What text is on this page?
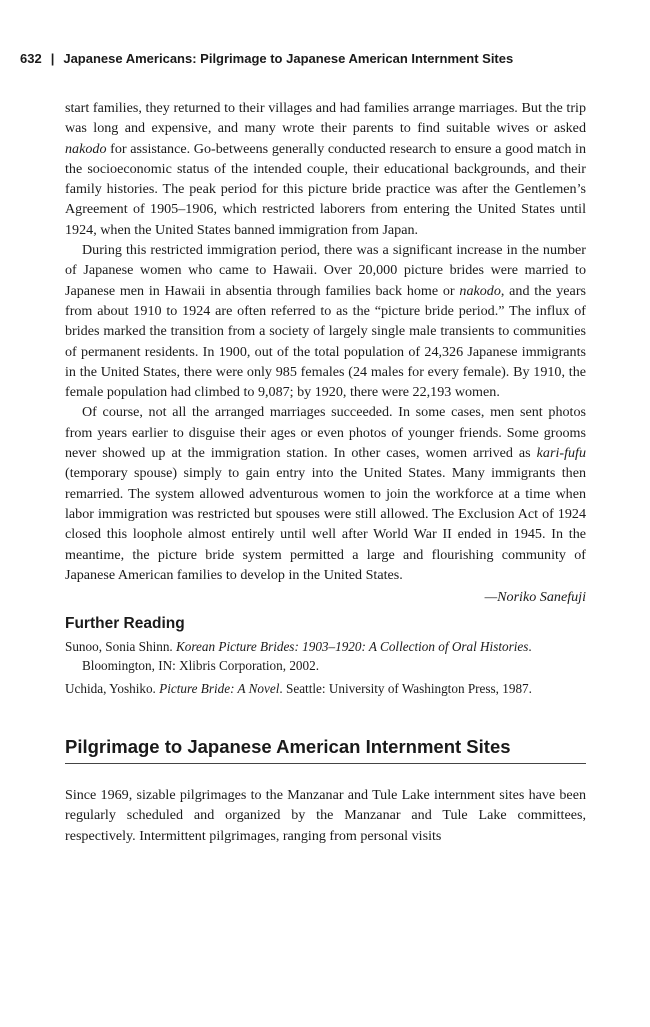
632 | Japanese Americans: Pilgrimage to Japanese American Internment Sites

start families, they returned to their villages and had families arrange marriages. But the trip was long and expensive, and many wrote their parents to find suitable wives or asked nakodo for assistance. Go-betweens generally conducted research to ensure a good match in the socioeconomic status of the intended couple, their educational backgrounds, and their family histories. The peak period for this picture bride practice was after the Gentlemen’s Agreement of 1905–1906, which restricted laborers from entering the United States until 1924, when the United States banned immigration from Japan.

During this restricted immigration period, there was a significant increase in the number of Japanese women who came to Hawaii. Over 20,000 picture brides were married to Japanese men in Hawaii in absentia through families back home or nakodo, and the years from about 1910 to 1924 are often referred to as the “picture bride period.” The influx of brides marked the transition from a society of largely single male transients to communities of permanent residents. In 1900, out of the total population of 24,326 Japanese immigrants in the United States, there were only 985 females (24 males for every female). By 1910, the female population had climbed to 9,087; by 1920, there were 22,193 women.

Of course, not all the arranged marriages succeeded. In some cases, men sent photos from years earlier to disguise their ages or even photos of younger friends. Some grooms never showed up at the immigration station. In other cases, women arrived as kari-fufu (temporary spouse) simply to gain entry into the United States. Many immigrants then remarried. The system allowed adventurous women to join the workforce at a time when labor immigration was restricted but spouses were still allowed. The Exclusion Act of 1924 closed this loophole almost entirely until well after World War II ended in 1945. In the meantime, the picture bride system permitted a large and flourishing community of Japanese American families to develop in the United States.

—Noriko Sanefuji

Further Reading

Sunoo, Sonia Shinn. Korean Picture Brides: 1903–1920: A Collection of Oral Histories. Bloomington, IN: Xlibris Corporation, 2002.

Uchida, Yoshiko. Picture Bride: A Novel. Seattle: University of Washington Press, 1987.

Pilgrimage to Japanese American Internment Sites

Since 1969, sizable pilgrimages to the Manzanar and Tule Lake internment sites have been regularly scheduled and organized by the Manzanar and Tule Lake committees, respectively. Intermittent pilgrimages, ranging from personal visits
